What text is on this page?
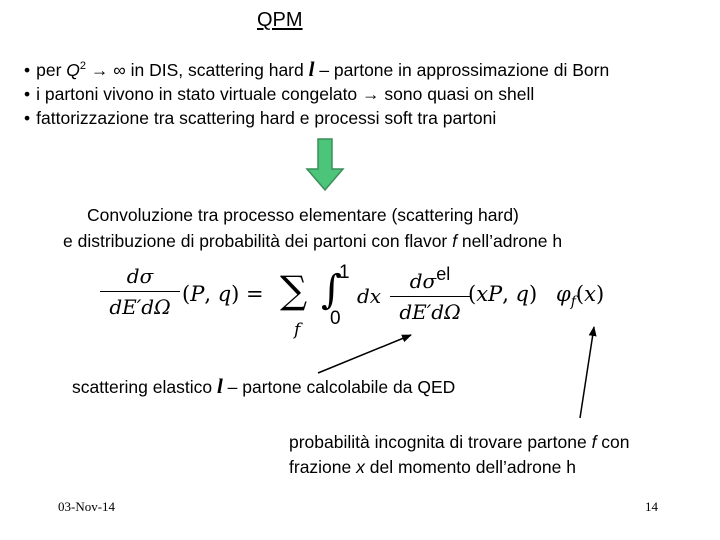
QPM
• per $Q^2$ → ∞ in DIS, scattering hard l – partone in approssimazione di Born
• i partoni vivono in stato virtuale congelato → sono quasi on shell
• fattorizzazione tra scattering hard e processi soft tra partoni
Convoluzione tra processo elementare (scattering hard)
e distribuzione di probabilità dei partoni con flavor f nell’adrone h
$\frac{d\sigma}{dE'd\Omega} (P$, q) = ∑
f
∫
1
0
dx
$d\sigma^{el}$
dE′dΩ
(xP, q) $\varphi_f(x)$
scattering elastico l – partone calcolabile da QED
probabilità incognita di trovare partone f con
frazione x del momento dell’adrone h
03-Nov-14	14
